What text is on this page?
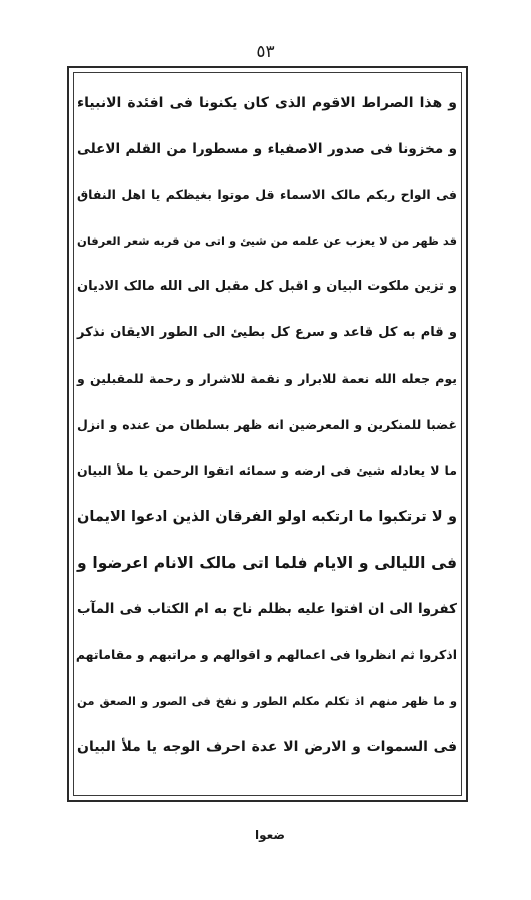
٥٣
و هذا الصراط الاقوم الذی کان یکنونا فی افئدة الانبیاء
و مخزونا فی صدور الاصفیاء و مسطورا من القلم الاعلی
فی الواح ربکم مالک الاسماء قل موتوا بغیظکم یا اهل النفاق
قد ظهر من لا یعزب عن علمه من شیئ و اتی من قربه شعر العرفان
و تزین ملکوت البیان و اقبل کل مقبل الی الله مالک الادیان
و قام به کل قاعد و سرع کل بطیئ الی الطور الایقان نذکر
یوم جعله الله نعمة للابرار و نقمة للاشرار و رحمة للمقبلین و
غضبا للمنکرین و المعرضین انه ظهر بسلطان من عنده و انزل
ما لا یعادله شیئ فی ارضه و سمائه اتقوا الرحمن یا ملأ البیان
و لا ترتکبوا ما ارتکبه اولو الفرقان الذین ادعوا الایمان
فی اللیالی و الایام فلما اتی مالک الانام اعرضوا و
کفروا الی ان افتوا علیه بظلم ناح به ام الکتاب فی المآب
اذکروا ثم انظروا فی اعمالهم و اقوالهم و مراتبهم و مقاماتهم
و ما ظهر منهم اذ تکلم مکلم الطور و نفخ فی الصور و الصعق من
فی السموات و الارض الا عدة احرف الوجه یا ملأ البیان
ضعوا
